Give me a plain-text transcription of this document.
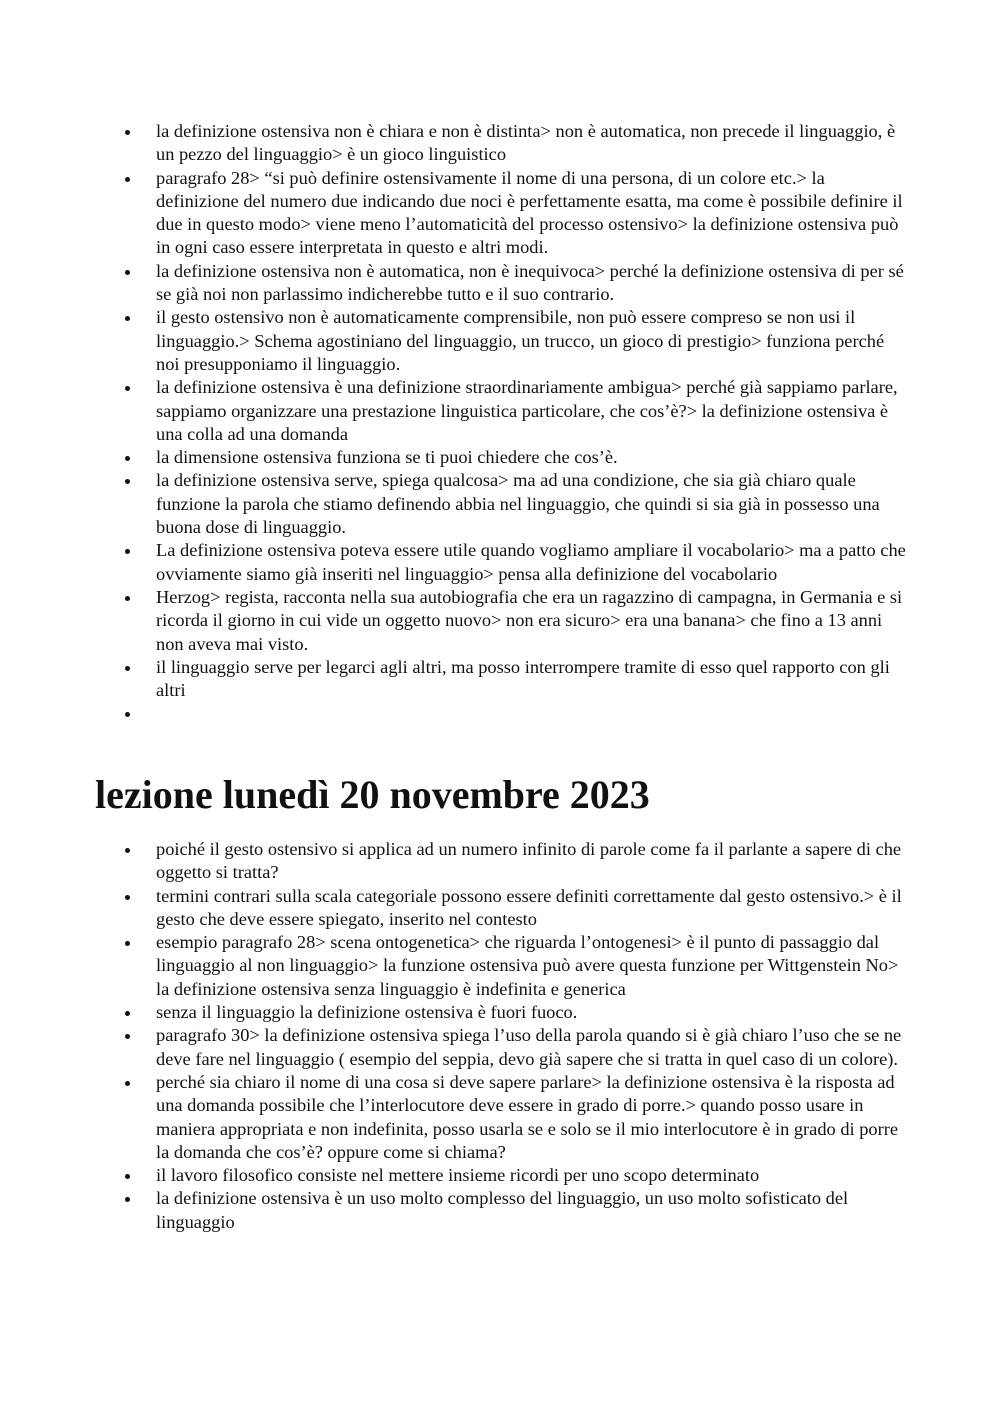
la definizione ostensiva non è chiara e non è distinta> non è automatica, non precede il linguaggio, è un pezzo del linguaggio> è un gioco linguistico
paragrafo 28> “si può definire ostensivamente il nome di una persona, di un colore etc.> la definizione del numero due indicando due noci è perfettamente esatta, ma come è possibile definire il due in questo modo> viene meno l’automaticità del processo ostensivo> la definizione ostensiva può in ogni caso essere interpretata in questo e altri modi.
la definizione ostensiva non è automatica, non è inequivoca> perché la definizione ostensiva di per sé se già noi non parlassimo indicherebbe tutto e il suo contrario.
il gesto ostensivo non è automaticamente comprensibile, non può essere compreso se non usi il linguaggio.> Schema agostiniano del linguaggio, un trucco, un gioco di prestigio> funziona perché noi presupponiamo il linguaggio.
la definizione ostensiva è una definizione straordinariamente ambigua> perché già sappiamo parlare, sappiamo organizzare una prestazione linguistica particolare, che cos’è?> la definizione ostensiva è una colla ad una domanda
la dimensione ostensiva funziona se ti puoi chiedere che cos’è.
la definizione ostensiva serve, spiega qualcosa> ma ad una condizione, che sia già chiaro quale funzione la parola che stiamo definendo abbia nel linguaggio, che quindi si sia già in possesso una buona dose di linguaggio.
La definizione ostensiva poteva essere utile quando vogliamo ampliare il vocabolario> ma a patto che ovviamente siamo già inseriti nel linguaggio> pensa alla definizione del vocabolario
Herzog> regista, racconta nella sua autobiografia che era un ragazzino di campagna, in Germania e si ricorda il giorno in cui vide un oggetto nuovo> non era sicuro> era una banana> che fino a 13 anni non aveva mai visto.
il linguaggio serve per legarci agli altri, ma posso interrompere tramite di esso quel rapporto con gli altri
lezione lunedì 20 novembre 2023
poiché il gesto ostensivo si applica ad un numero infinito di parole come fa il parlante a sapere di che oggetto si tratta?
termini contrari sulla scala categoriale possono essere definiti correttamente dal gesto ostensivo.> è il gesto che deve essere spiegato, inserito nel contesto
esempio paragrafo 28> scena ontogenetica> che riguarda l’ontogenesi> è il punto di passaggio dal linguaggio al non linguaggio> la funzione ostensiva può avere questa funzione per Wittgenstein No> la definizione ostensiva senza linguaggio è indefinita e generica
senza il linguaggio la definizione ostensiva è fuori fuoco.
paragrafo 30> la definizione ostensiva spiega l’uso della parola quando si è già chiaro l’uso che se ne deve fare nel linguaggio ( esempio del seppia, devo già sapere che si tratta in quel caso di un colore).
perché sia chiaro il nome di una cosa si deve sapere parlare> la definizione ostensiva è la risposta ad una domanda possibile che l’interlocutore deve essere in grado di porre.> quando posso usare in maniera appropriata e non indefinita, posso usarla se e solo se il mio interlocutore è in grado di porre la domanda che cos’è? oppure come si chiama?
il lavoro filosofico consiste nel mettere insieme ricordi per uno scopo determinato
la definizione ostensiva è un uso molto complesso del linguaggio, un uso molto sofisticato del linguaggio
